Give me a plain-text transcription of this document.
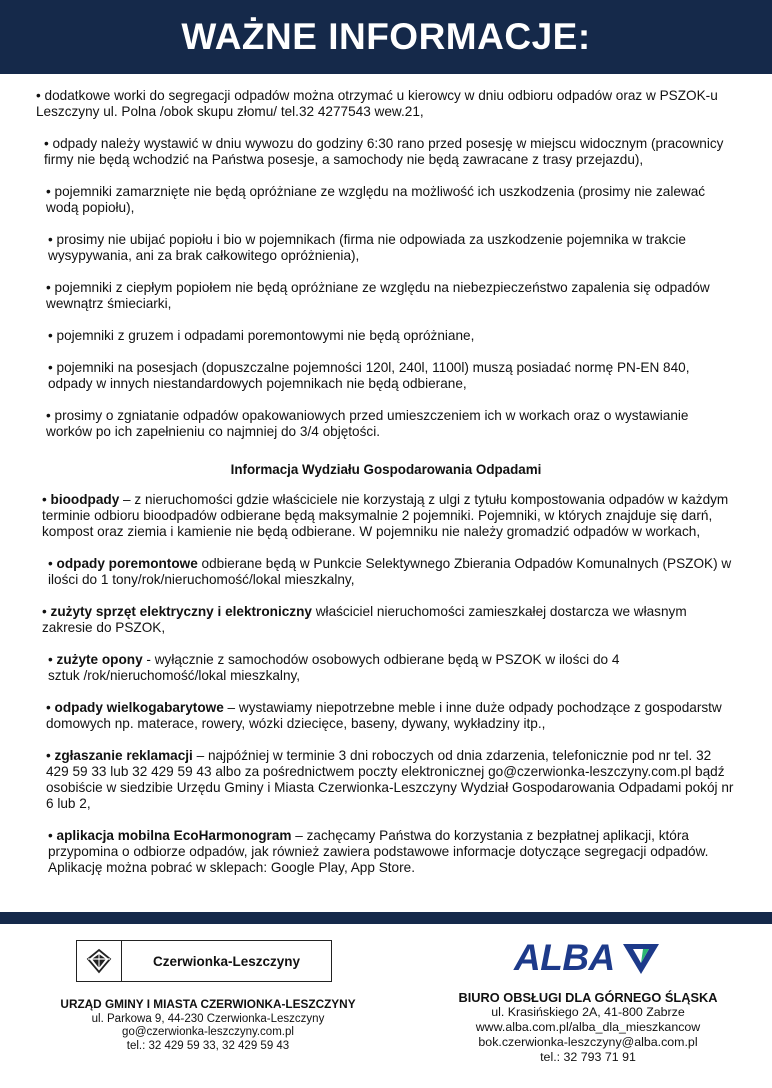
WAŻNE INFORMACJE:

• dodatkowe worki do segregacji odpadów można otrzymać u kierowcy w dniu odbioru odpadów oraz w PSZOK-u Leszczyny ul. Polna /obok skupu złomu/ tel.32 4277543 wew.21,

• odpady należy wystawić w dniu wywozu do godziny 6:30 rano przed posesję w miejscu widocznym (pracownicy firmy nie będą wchodzić na Państwa posesje, a samochody nie będą zawracane z trasy przejazdu),

• pojemniki zamarznięte nie będą opróżniane ze względu na możliwość ich uszkodzenia (prosimy nie zalewać wodą popiołu),

• prosimy nie ubijać popiołu i bio w pojemnikach (firma nie odpowiada za uszkodzenie pojemnika w trakcie wysypywania, ani za brak całkowitego opróżnienia),

• pojemniki z ciepłym popiołem nie będą opróżniane ze względu na niebezpieczeństwo zapalenia się odpadów wewnątrz śmieciarki,

• pojemniki z gruzem i odpadami poremontowymi nie będą opróżniane,

• pojemniki na posesjach (dopuszczalne pojemności 120l, 240l, 1100l) muszą posiadać normę PN-EN 840, odpady w innych niestandardowych pojemnikach nie będą odbierane,

• prosimy o zgniatanie odpadów opakowaniowych przed umieszczeniem ich w workach oraz o wystawianie worków po ich zapełnieniu co najmniej do 3/4 objętości.

Informacja Wydziału Gospodarowania Odpadami

• bioodpady – z nieruchomości gdzie właściciele nie korzystają z ulgi z tytułu kompostowania odpadów w każdym terminie odbioru bioodpadów odbierane będą maksymalnie 2 pojemniki. Pojemniki, w których znajduje się darń, kompost oraz ziemia i kamienie nie będą odbierane. W pojemniku nie należy gromadzić odpadów w workach,

• odpady poremontowe odbierane będą w Punkcie Selektywnego Zbierania Odpadów Komunalnych (PSZOK) w ilości do 1 tony/rok/nieruchomość/lokal mieszkalny,

• zużyty sprzęt elektryczny i elektroniczny właściciel nieruchomości zamieszkałej dostarcza we własnym zakresie do PSZOK,

• zużyte opony - wyłącznie z samochodów osobowych odbierane będą w PSZOK w ilości do 4 sztuk /rok/nieruchomość/lokal mieszkalny,

• odpady wielkogabarytowe – wystawiamy niepotrzebne meble i inne duże odpady pochodzące z gospodarstw domowych np. materace, rowery, wózki dziecięce, baseny, dywany, wykładziny itp.,

• zgłaszanie reklamacji – najpóźniej w terminie 3 dni roboczych od dnia zdarzenia, telefonicznie pod nr tel. 32 429 59 33 lub 32 429 59 43 albo za pośrednictwem poczty elektronicznej go@czerwionka-leszczyny.com.pl bądź osobiście w siedzibie Urzędu Gminy i Miasta Czerwionka-Leszczyny Wydział Gospodarowania Odpadami pokój nr 6 lub 2,

• aplikacja mobilna EcoHarmonogram – zachęcamy Państwa do korzystania z bezpłatnej aplikacji, która przypomina o odbiorze odpadów, jak również zawiera podstawowe informacje dotyczące segregacji odpadów. Aplikację można pobrać w sklepach: Google Play, App Store.

Czerwionka-Leszczyny
URZĄD GMINY I MIASTA CZERWIONKA-LESZCZYNY
ul. Parkowa 9, 44-230 Czerwionka-Leszczyny
go@czerwionka-leszczyny.com.pl
tel.: 32 429 59 33, 32 429 59 43
ALBA
BIURO OBSŁUGI DLA GÓRNEGO ŚLĄSKA
ul. Krasińskiego 2A, 41-800 Zabrze
www.alba.com.pl/alba_dla_mieszkancow
bok.czerwionka-leszczyny@alba.com.pl
tel.: 32 793 71 91
